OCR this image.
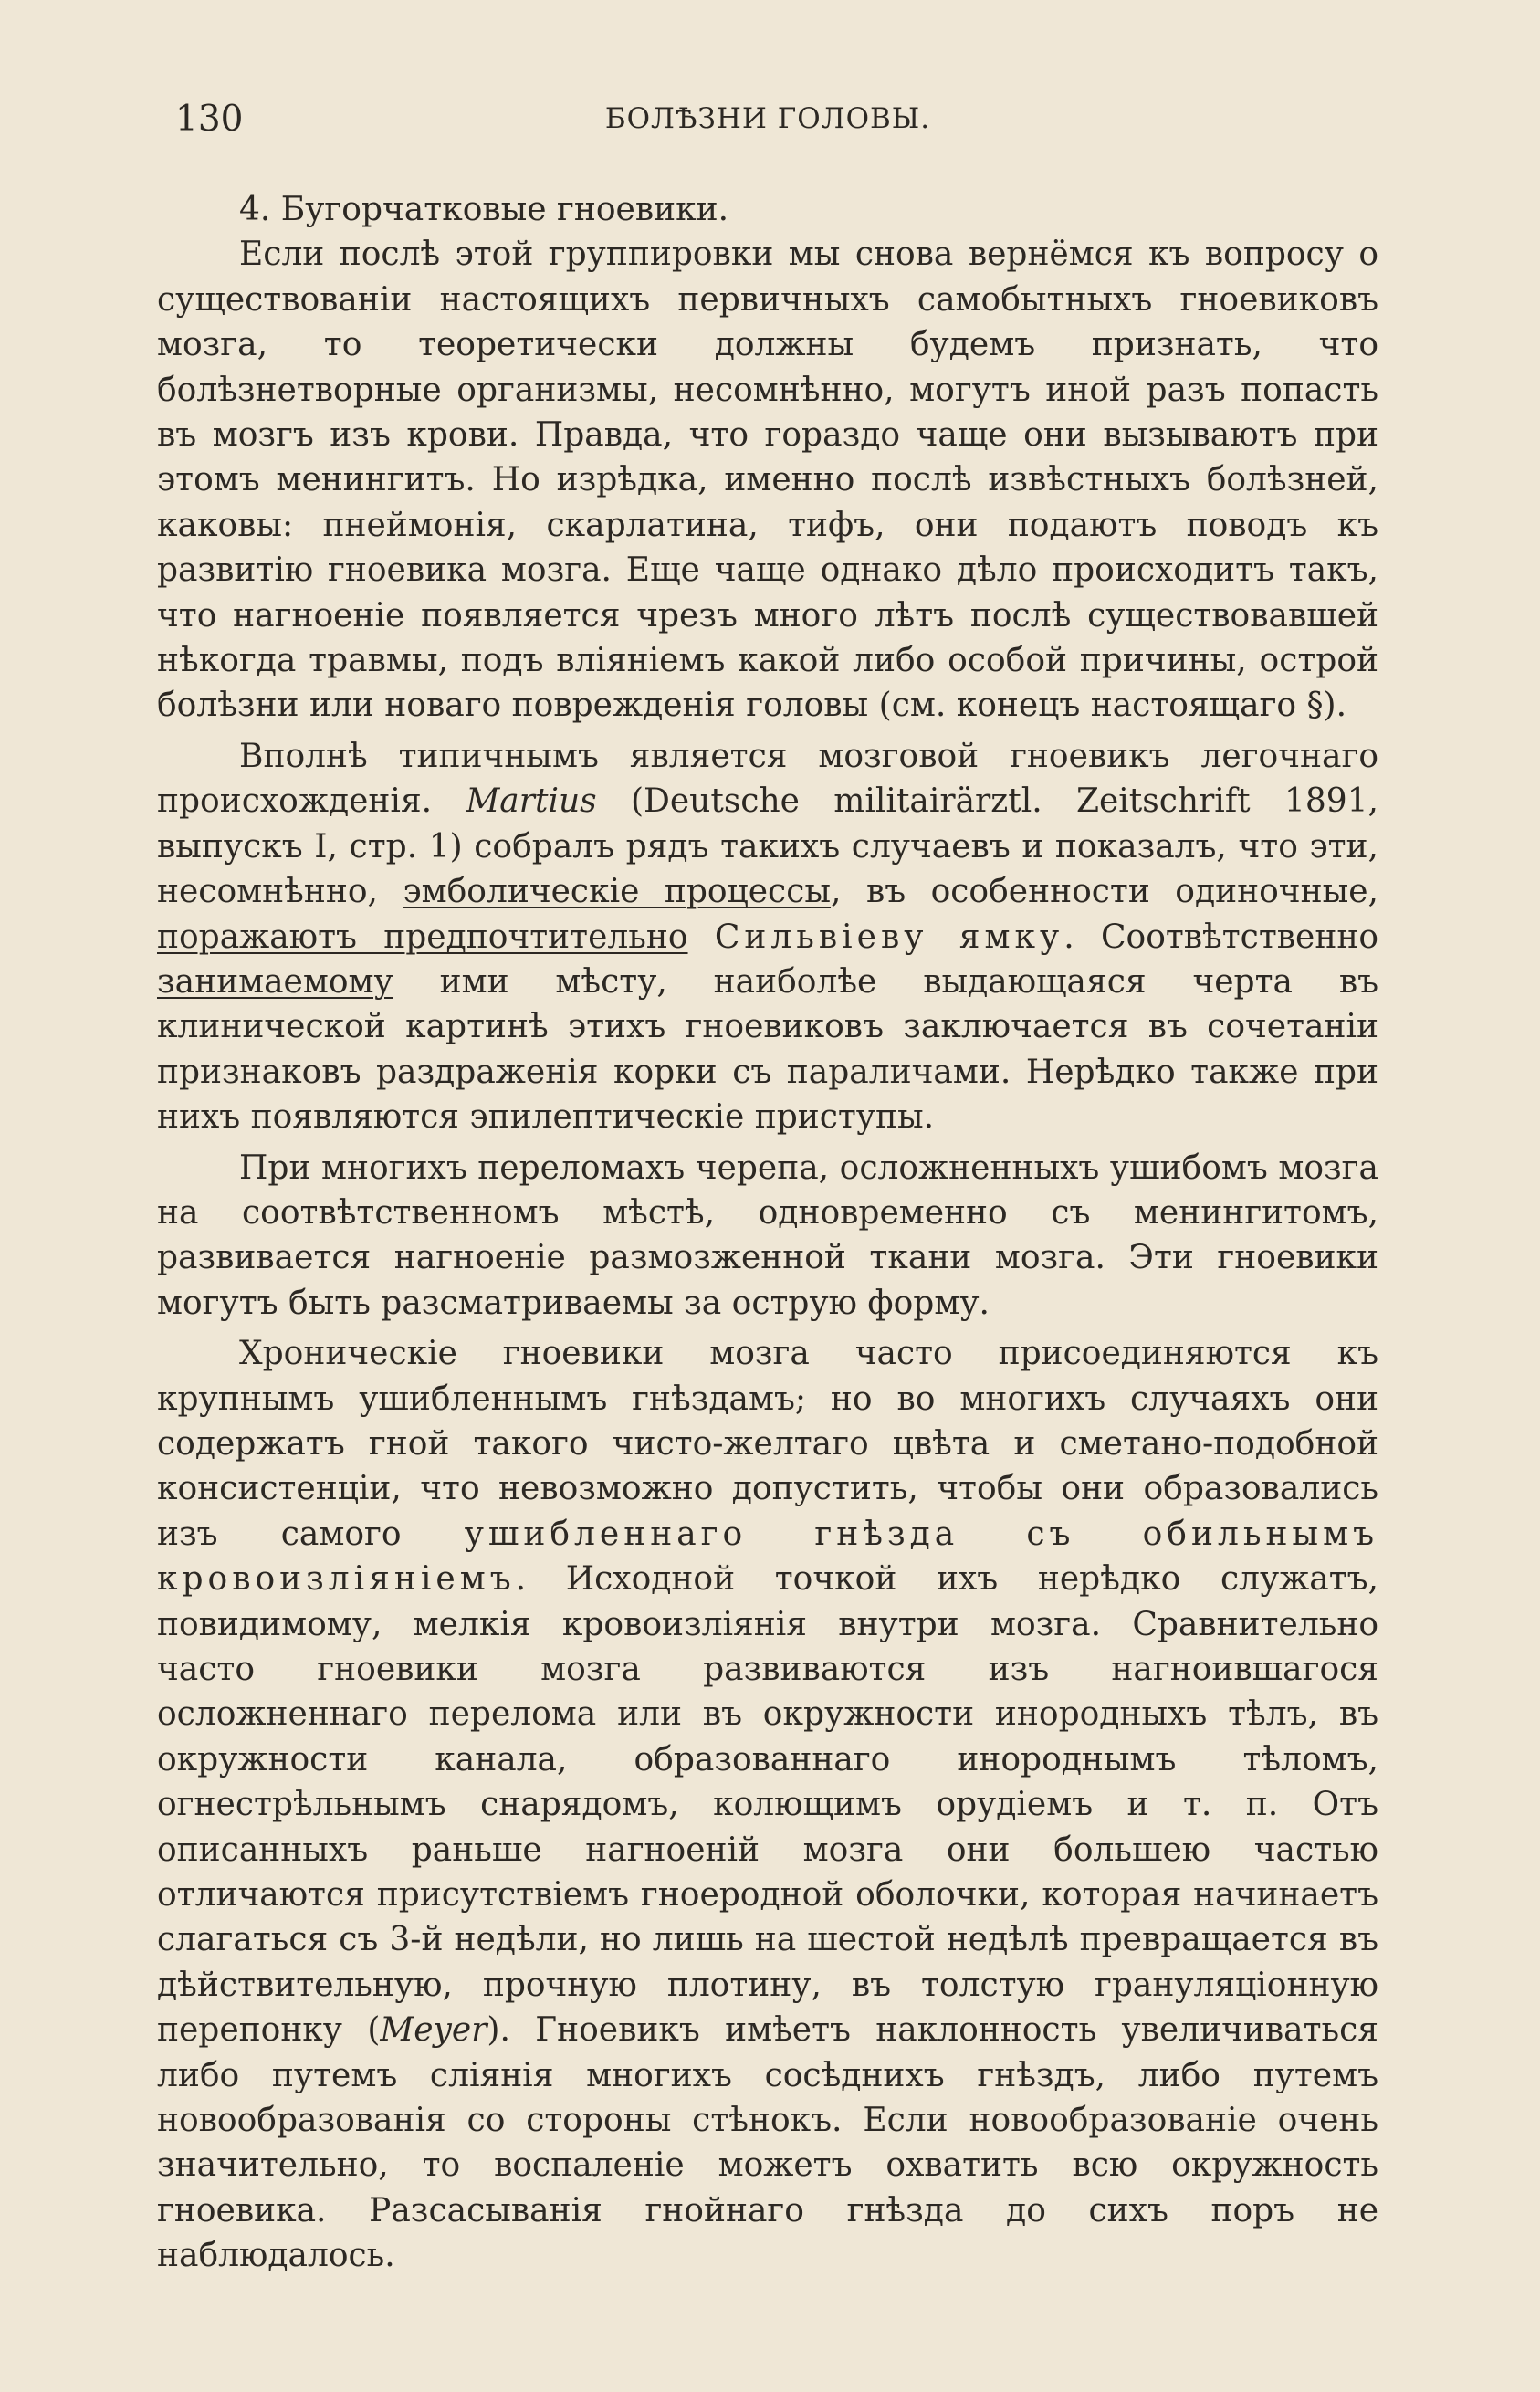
130	БОЛѢЗНИ ГОЛОВЫ.

4. Бугорчатковые гноевики.

Если послѣ этой группировки мы снова вернёмся къ вопросу о существованіи настоящихъ первичныхъ самобытныхъ гноевиковъ мозга, то теоретически должны будемъ признать, что болѣзнетворные организмы, несомнѣнно, могутъ иной разъ попасть въ мозгъ изъ крови. Правда, что гораздо чаще они вызываютъ при этомъ менингитъ. Но изрѣдка, именно послѣ извѣстныхъ болѣзней, каковы: пнеймонія, скарлатина, тифъ, они подаютъ поводъ къ развитію гноевика мозга. Еще чаще однако дѣло происходитъ такъ, что нагноеніе появляется чрезъ много лѣтъ послѣ существовавшей нѣкогда травмы, подъ вліяніемъ какой либо особой причины, острой болѣзни или новаго поврежденія головы (см. конецъ настоящаго §).

Вполнѣ типичнымъ является мозговой гноевикъ легочнаго происхожденія. Martius (Deutsche militairärztl. Zeitschrift 1891, выпускъ I, стр. 1) собралъ рядъ такихъ случаевъ и показалъ, что эти, несомнѣнно, эмболическіе процессы, въ особенности одиночные, поражаютъ предпочтительно Сильвіеву ямку. Соотвѣтственно занимаемому ими мѣсту, наиболѣе выдающаяся черта въ клинической картинѣ этихъ гноевиковъ заключается въ сочетаніи признаковъ раздраженія корки съ параличами. Нерѣдко также при нихъ появляются эпилептическіе приступы.

При многихъ переломахъ черепа, осложненныхъ ушибомъ мозга на соотвѣтственномъ мѣстѣ, одновременно съ менингитомъ, развивается нагноеніе размозженной ткани мозга. Эти гноевики могутъ быть разсматриваемы за острую форму.

Хроническіе гноевики мозга часто присоединяются къ крупнымъ ушибленнымъ гнѣздамъ; но во многихъ случаяхъ они содержатъ гной такого чисто-желтаго цвѣта и сметано-подобной консистенціи, что невозможно допустить, чтобы они образовались изъ самого ушибленнаго гнѣзда съ обильнымъ кровоизліяніемъ. Исходной точкой ихъ нерѣдко служатъ, повидимому, мелкія кровоизліянія внутри мозга. Сравнительно часто гноевики мозга развиваются изъ нагноившагося осложненнаго перелома или въ окружности инородныхъ тѣлъ, въ окружности канала, образованнаго инороднымъ тѣломъ, огнестрѣльнымъ снарядомъ, колющимъ орудіемъ и т. п. Отъ описанныхъ раньше нагноеній мозга они большею частью отличаются присутствіемъ гноеродной оболочки, которая начинаетъ слагаться съ 3-й недѣли, но лишь на шестой недѣлѣ превращается въ дѣйствительную, прочную плотину, въ толстую грануляціонную перепонку (Meyer). Гноевикъ имѣетъ наклонность увеличиваться либо путемъ сліянія многихъ сосѣднихъ гнѣздъ, либо путемъ новообразованія со стороны стѣнокъ. Если новообразованіе очень значительно, то воспаленіе можетъ охватить всю окружность гноевика. Разсасыванія гнойнаго гнѣзда до сихъ поръ не наблюдалось.
